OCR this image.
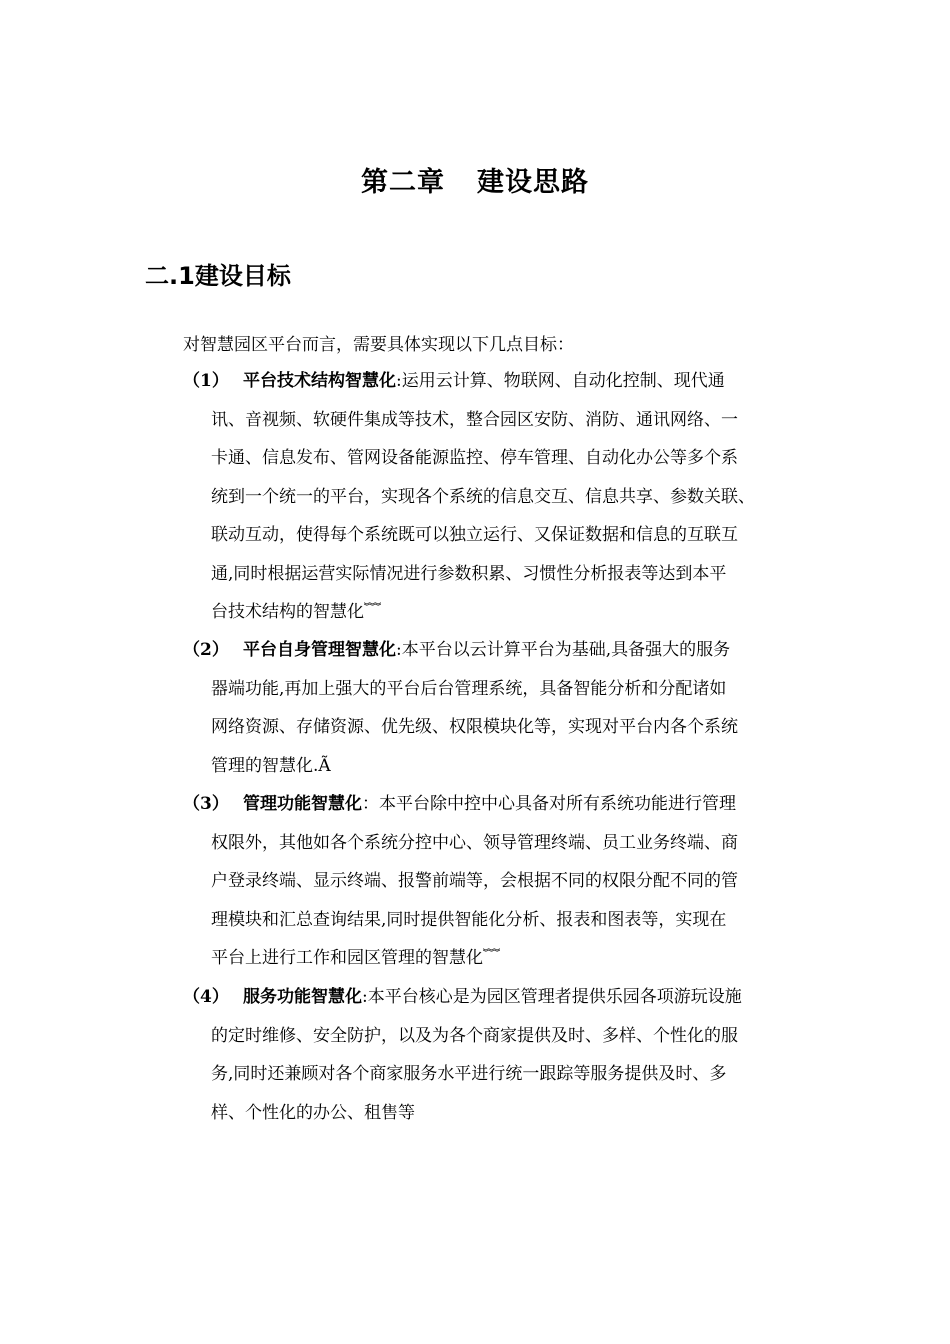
第二章 建设思路
二.1建设目标

对智慧园区平台而言，需要具体实现以下几点目标：

（1） 平台技术结构智慧化:运用云计算、物联网、自动化控制、现代通
讯、音视频、软硬件集成等技术，整合园区安防、消防、通讯网络、一
卡通、信息发布、管网设备能源监控、停车管理、自动化办公等多个系
统到一个统一的平台，实现各个系统的信息交互、信息共享、参数关联、
联动互动，使得每个系统既可以独立运行、又保证数据和信息的互联互
通,同时根据运营实际情况进行参数积累、习惯性分析报表等达到本平
台技术结构的智慧化﹌
（2） 平台自身管理智慧化:本平台以云计算平台为基础,具备强大的服务
器端功能,再加上强大的平台后台管理系统，具备智能分析和分配诸如
网络资源、存储资源、优先级、权限模块化等，实现对平台内各个系统
管理的智慧化.Ã
（3） 管理功能智慧化：本平台除中控中心具备对所有系统功能进行管理
权限外，其他如各个系统分控中心、领导管理终端、员工业务终端、商
户登录终端、显示终端、报警前端等，会根据不同的权限分配不同的管
理模块和汇总查询结果,同时提供智能化分析、报表和图表等，实现在
平台上进行工作和园区管理的智慧化﹌
（4） 服务功能智慧化:本平台核心是为园区管理者提供乐园各项游玩设施
的定时维修、安全防护，以及为各个商家提供及时、多样、个性化的服
务,同时还兼顾对各个商家服务水平进行统一跟踪等服务提供及时、多
样、个性化的办公、租售等
